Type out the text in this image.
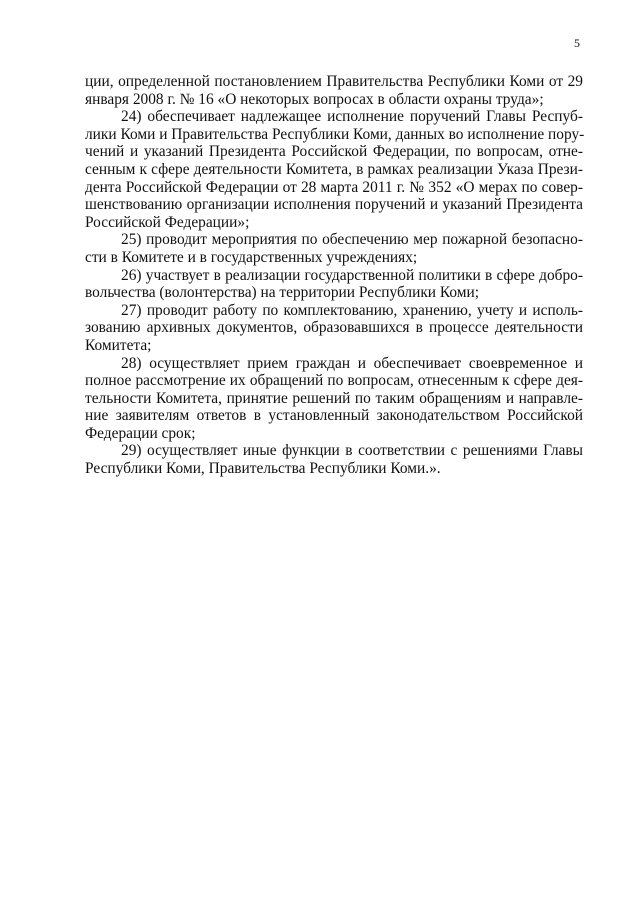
5
ции, определенной постановлением Правительства Республики Коми от 29
января 2008 г. № 16 «О некоторых вопросах в области охраны труда»;
24) обеспечивает надлежащее исполнение поручений Главы Респуб-
лики Коми и Правительства Республики Коми, данных во исполнение пору-
чений и указаний Президента Российской Федерации, по вопросам, отне-
сенным к сфере деятельности Комитета, в рамках реализации Указа Прези-
дента Российской Федерации от 28 марта 2011 г. № 352 «О мерах по совер-
шенствованию организации исполнения поручений и указаний Президента
Российской Федерации»;
25) проводит мероприятия по обеспечению мер пожарной безопасно-
сти в Комитете и в государственных учреждениях;
26) участвует в реализации государственной политики в сфере добро-
вольчества (волонтерства) на территории Республики Коми;
27) проводит работу по комплектованию, хранению, учету и исполь-
зованию архивных документов, образовавшихся в процессе деятельности
Комитета;
28) осуществляет прием граждан и обеспечивает своевременное и
полное рассмотрение их обращений по вопросам, отнесенным к сфере дея-
тельности Комитета, принятие решений по таким обращениям и направле-
ние заявителям ответов в установленный законодательством Российской
Федерации срок;
29) осуществляет иные функции в соответствии с решениями Главы
Республики Коми, Правительства Республики Коми.».
